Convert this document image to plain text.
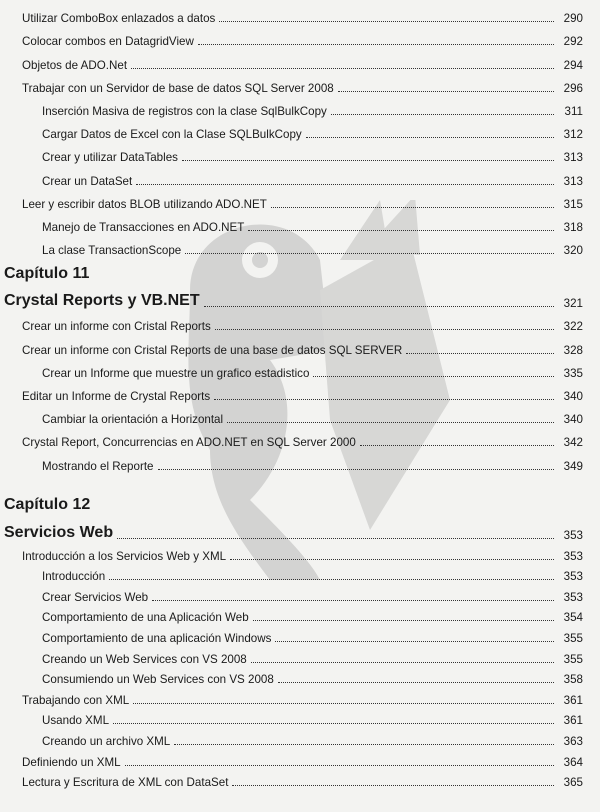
Utilizar ComboBox enlazados a datos	290
Colocar combos en DatagridView	292
Objetos de ADO.Net	294
Trabajar con un Servidor de base de datos SQL Server 2008	296
Inserción Masiva de registros con la clase SqlBulkCopy	311
Cargar Datos de Excel con la Clase SQLBulkCopy	312
Crear y utilizar DataTables	313
Crear un DataSet	313
Leer y escribir datos BLOB utilizando ADO.NET	315
Manejo de Transacciones en ADO.NET	318
La clase TransactionScope	320
Capítulo 11
Crystal Reports y VB.NET	321
Crear un informe con Cristal Reports	322
Crear un informe con Cristal Reports de una base de datos SQL SERVER	328
Crear un Informe que muestre un grafico estadistico	335
Editar un Informe de Crystal Reports	340
Cambiar la orientación a Horizontal	340
Crystal Report, Concurrencias en ADO.NET en SQL Server 2000	342
Mostrando el Reporte	349
Capítulo 12
Servicios Web	353
Introducción a los Servicios Web y XML	353
Introducción	353
Crear Servicios Web	353
Comportamiento de una Aplicación Web	354
Comportamiento de una aplicación Windows	355
Creando un Web Services con VS 2008	355
Consumiendo un Web Services con VS 2008	358
Trabajando con XML	361
Usando XML	361
Creando un archivo XML	363
Definiendo un XML	364
Lectura y Escritura de XML con DataSet	365
